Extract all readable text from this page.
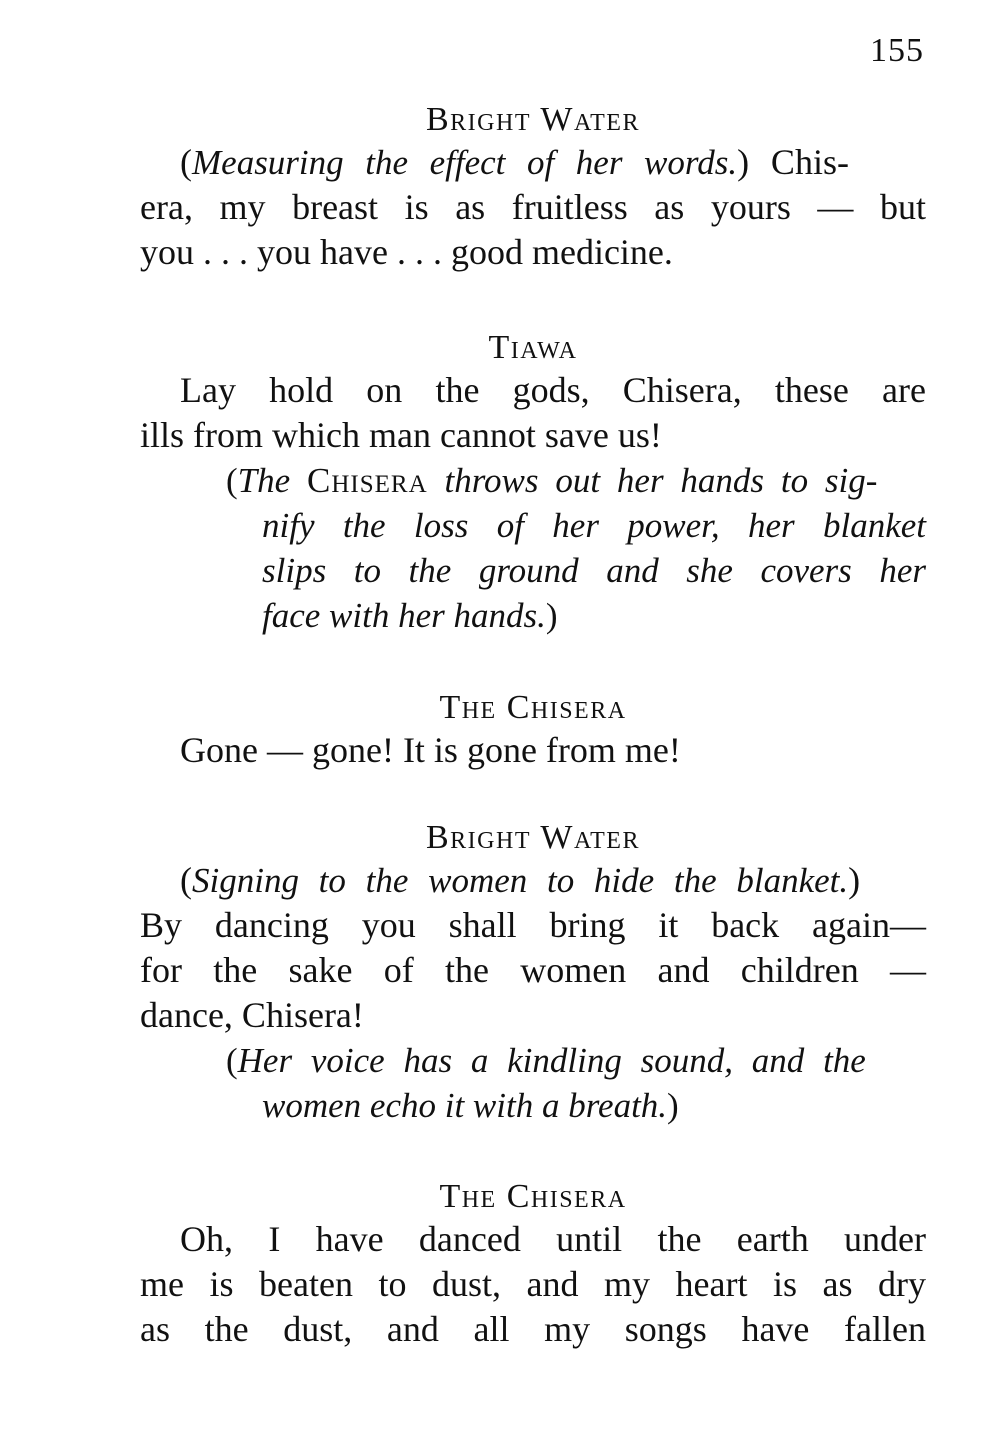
155
Bright Water
(Measuring the effect of her words.) Chis-
era, my breast is as fruitless as yours — but
you . . . you have . . . good medicine.
Tiawa
Lay hold on the gods, Chisera, these are
ills from which man cannot save us!
(The Chisera throws out her hands to sig-
nify the loss of her power, her blanket
slips to the ground and she covers her
face with her hands.)
The Chisera
Gone — gone! It is gone from me!
Bright Water
(Signing to the women to hide the blanket.)
By dancing you shall bring it back again—
for the sake of the women and children —
dance, Chisera!
(Her voice has a kindling sound, and the
women echo it with a breath.)
The Chisera
Oh, I have danced until the earth under
me is beaten to dust, and my heart is as dry
as the dust, and all my songs have fallen
